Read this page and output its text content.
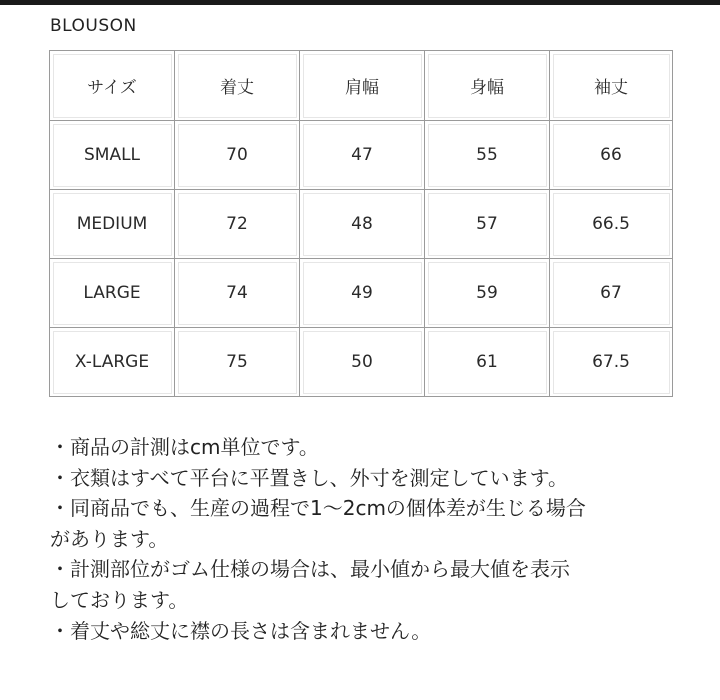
BLOUSON
サイズ	着丈	肩幅	身幅	袖丈
SMALL	70	47	55	66
MEDIUM	72	48	57	66.5
LARGE	74	49	59	67
X-LARGE	75	50	61	67.5
・商品の計測はcm単位です。
・衣類はすべて平台に平置きし、外寸を測定しています。
・同商品でも、生産の過程で1〜2cmの個体差が生じる場合
があります。
・計測部位がゴム仕様の場合は、最小値から最大値を表示
しております。
・着丈や総丈に襟の長さは含まれません。
